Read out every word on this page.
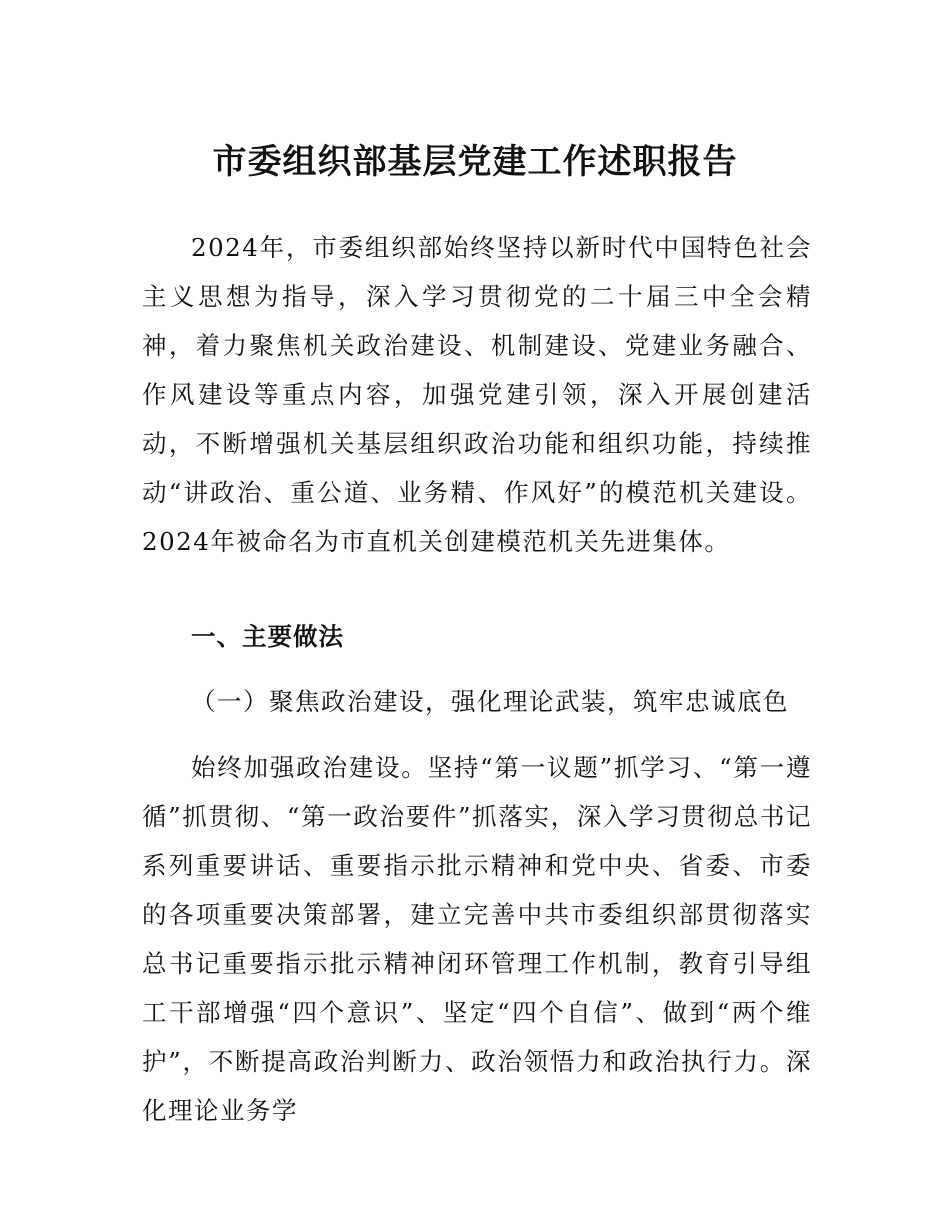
市委组织部基层党建工作述职报告

2024年，市委组织部始终坚持以新时代中国特色社会主义思想为指导，深入学习贯彻党的二十届三中全会精神，着力聚焦机关政治建设、机制建设、党建业务融合、作风建设等重点内容，加强党建引领，深入开展创建活动，不断增强机关基层组织政治功能和组织功能，持续推动“讲政治、重公道、业务精、作风好”的模范机关建设。2024年被命名为市直机关创建模范机关先进集体。

一、主要做法

（一）聚焦政治建设，强化理论武装，筑牢忠诚底色

始终加强政治建设。坚持“第一议题”抓学习、“第一遵循”抓贯彻、“第一政治要件”抓落实，深入学习贯彻总书记系列重要讲话、重要指示批示精神和党中央、省委、市委的各项重要决策部署，建立完善中共市委组织部贯彻落实总书记重要指示批示精神闭环管理工作机制，教育引导组工干部增强“四个意识”、坚定“四个自信”、做到“两个维护”，不断提高政治判断力、政治领悟力和政治执行力。深化理论业务学
